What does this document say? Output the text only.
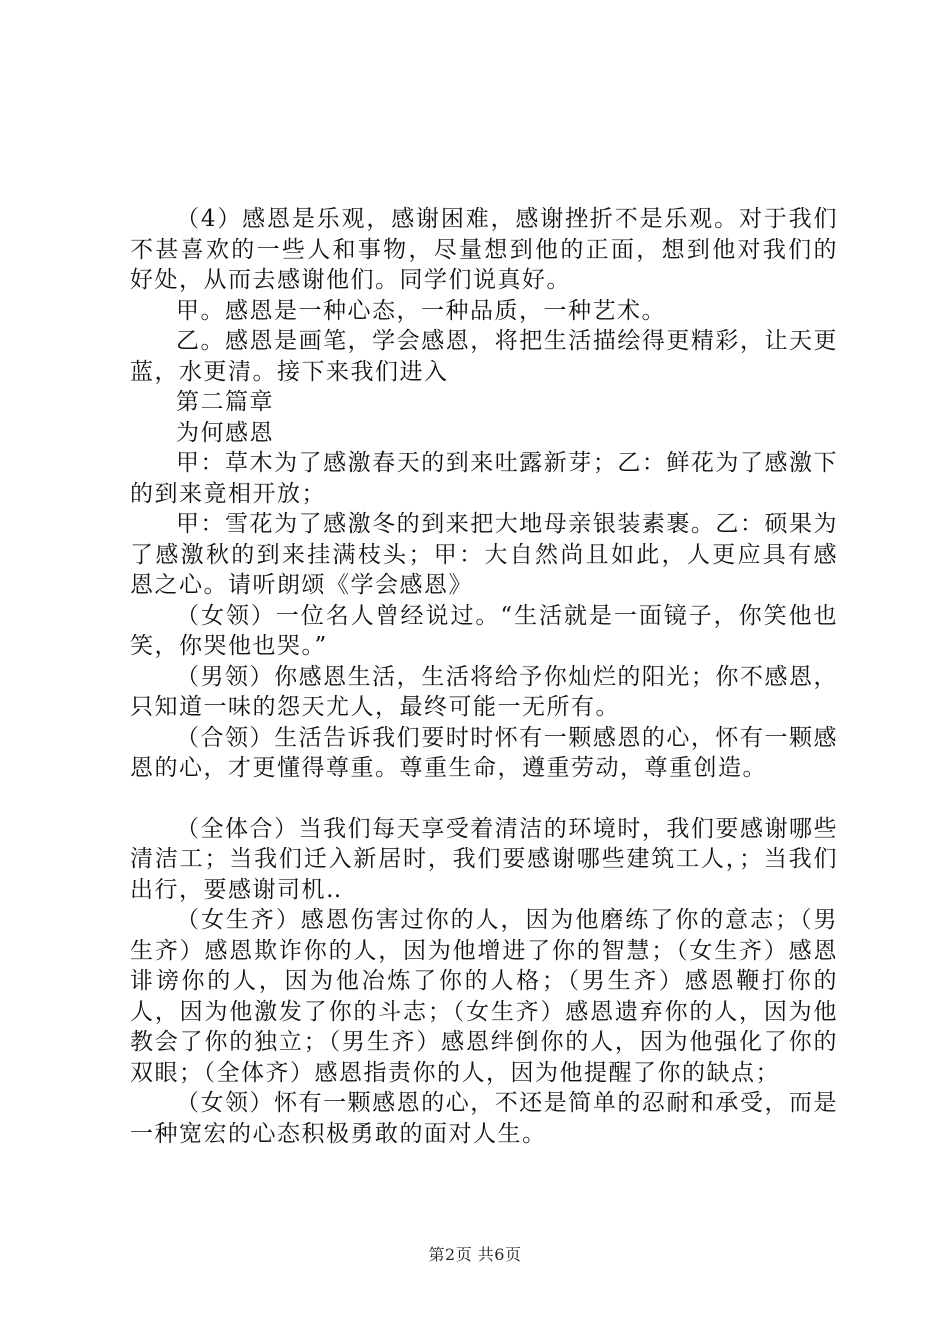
（4）感恩是乐观，感谢困难，感谢挫折不是乐观。对于我们不甚喜欢的一些人和事物，尽量想到他的正面，想到他对我们的好处，从而去感谢他们。同学们说真好。

甲。感恩是一种心态，一种品质，一种艺术。

乙。感恩是画笔，学会感恩，将把生活描绘得更精彩，让天更蓝，水更清。接下来我们进入

第二篇章

为何感恩

甲：草木为了感激春天的到来吐露新芽；乙：鲜花为了感激下的到来竟相开放；

甲：雪花为了感激冬的到来把大地母亲银装素裹。乙：硕果为了感激秋的到来挂满枝头；甲：大自然尚且如此，人更应具有感恩之心。请听朗颂《学会感恩》

（女领）一位名人曾经说过。“生活就是一面镜子，你笑他也笑，你哭他也哭。”

（男领）你感恩生活，生活将给予你灿烂的阳光；你不感恩，只知道一味的怨天尤人，最终可能一无所有。

（合领）生活告诉我们要时时怀有一颗感恩的心，怀有一颗感恩的心，才更懂得尊重。尊重生命，遵重劳动，尊重创造。

（全体合）当我们每天享受着清洁的环境时，我们要感谢哪些清洁工；当我们迁入新居时，我们要感谢哪些建筑工人，；当我们出行，要感谢司机‥

（女生齐）感恩伤害过你的人，因为他磨练了你的意志；（男生齐）感恩欺诈你的人，因为他增进了你的智慧；（女生齐）感恩诽谤你的人，因为他冶炼了你的人格；（男生齐）感恩鞭打你的人，因为他激发了你的斗志；（女生齐）感恩遗弃你的人，因为他教会了你的独立；（男生齐）感恩绊倒你的人，因为他强化了你的双眼；（全体齐）感恩指责你的人，因为他提醒了你的缺点；

（女领）怀有一颗感恩的心，不还是简单的忍耐和承受，而是一种宽宏的心态积极勇敢的面对人生。

第2页 共6页
